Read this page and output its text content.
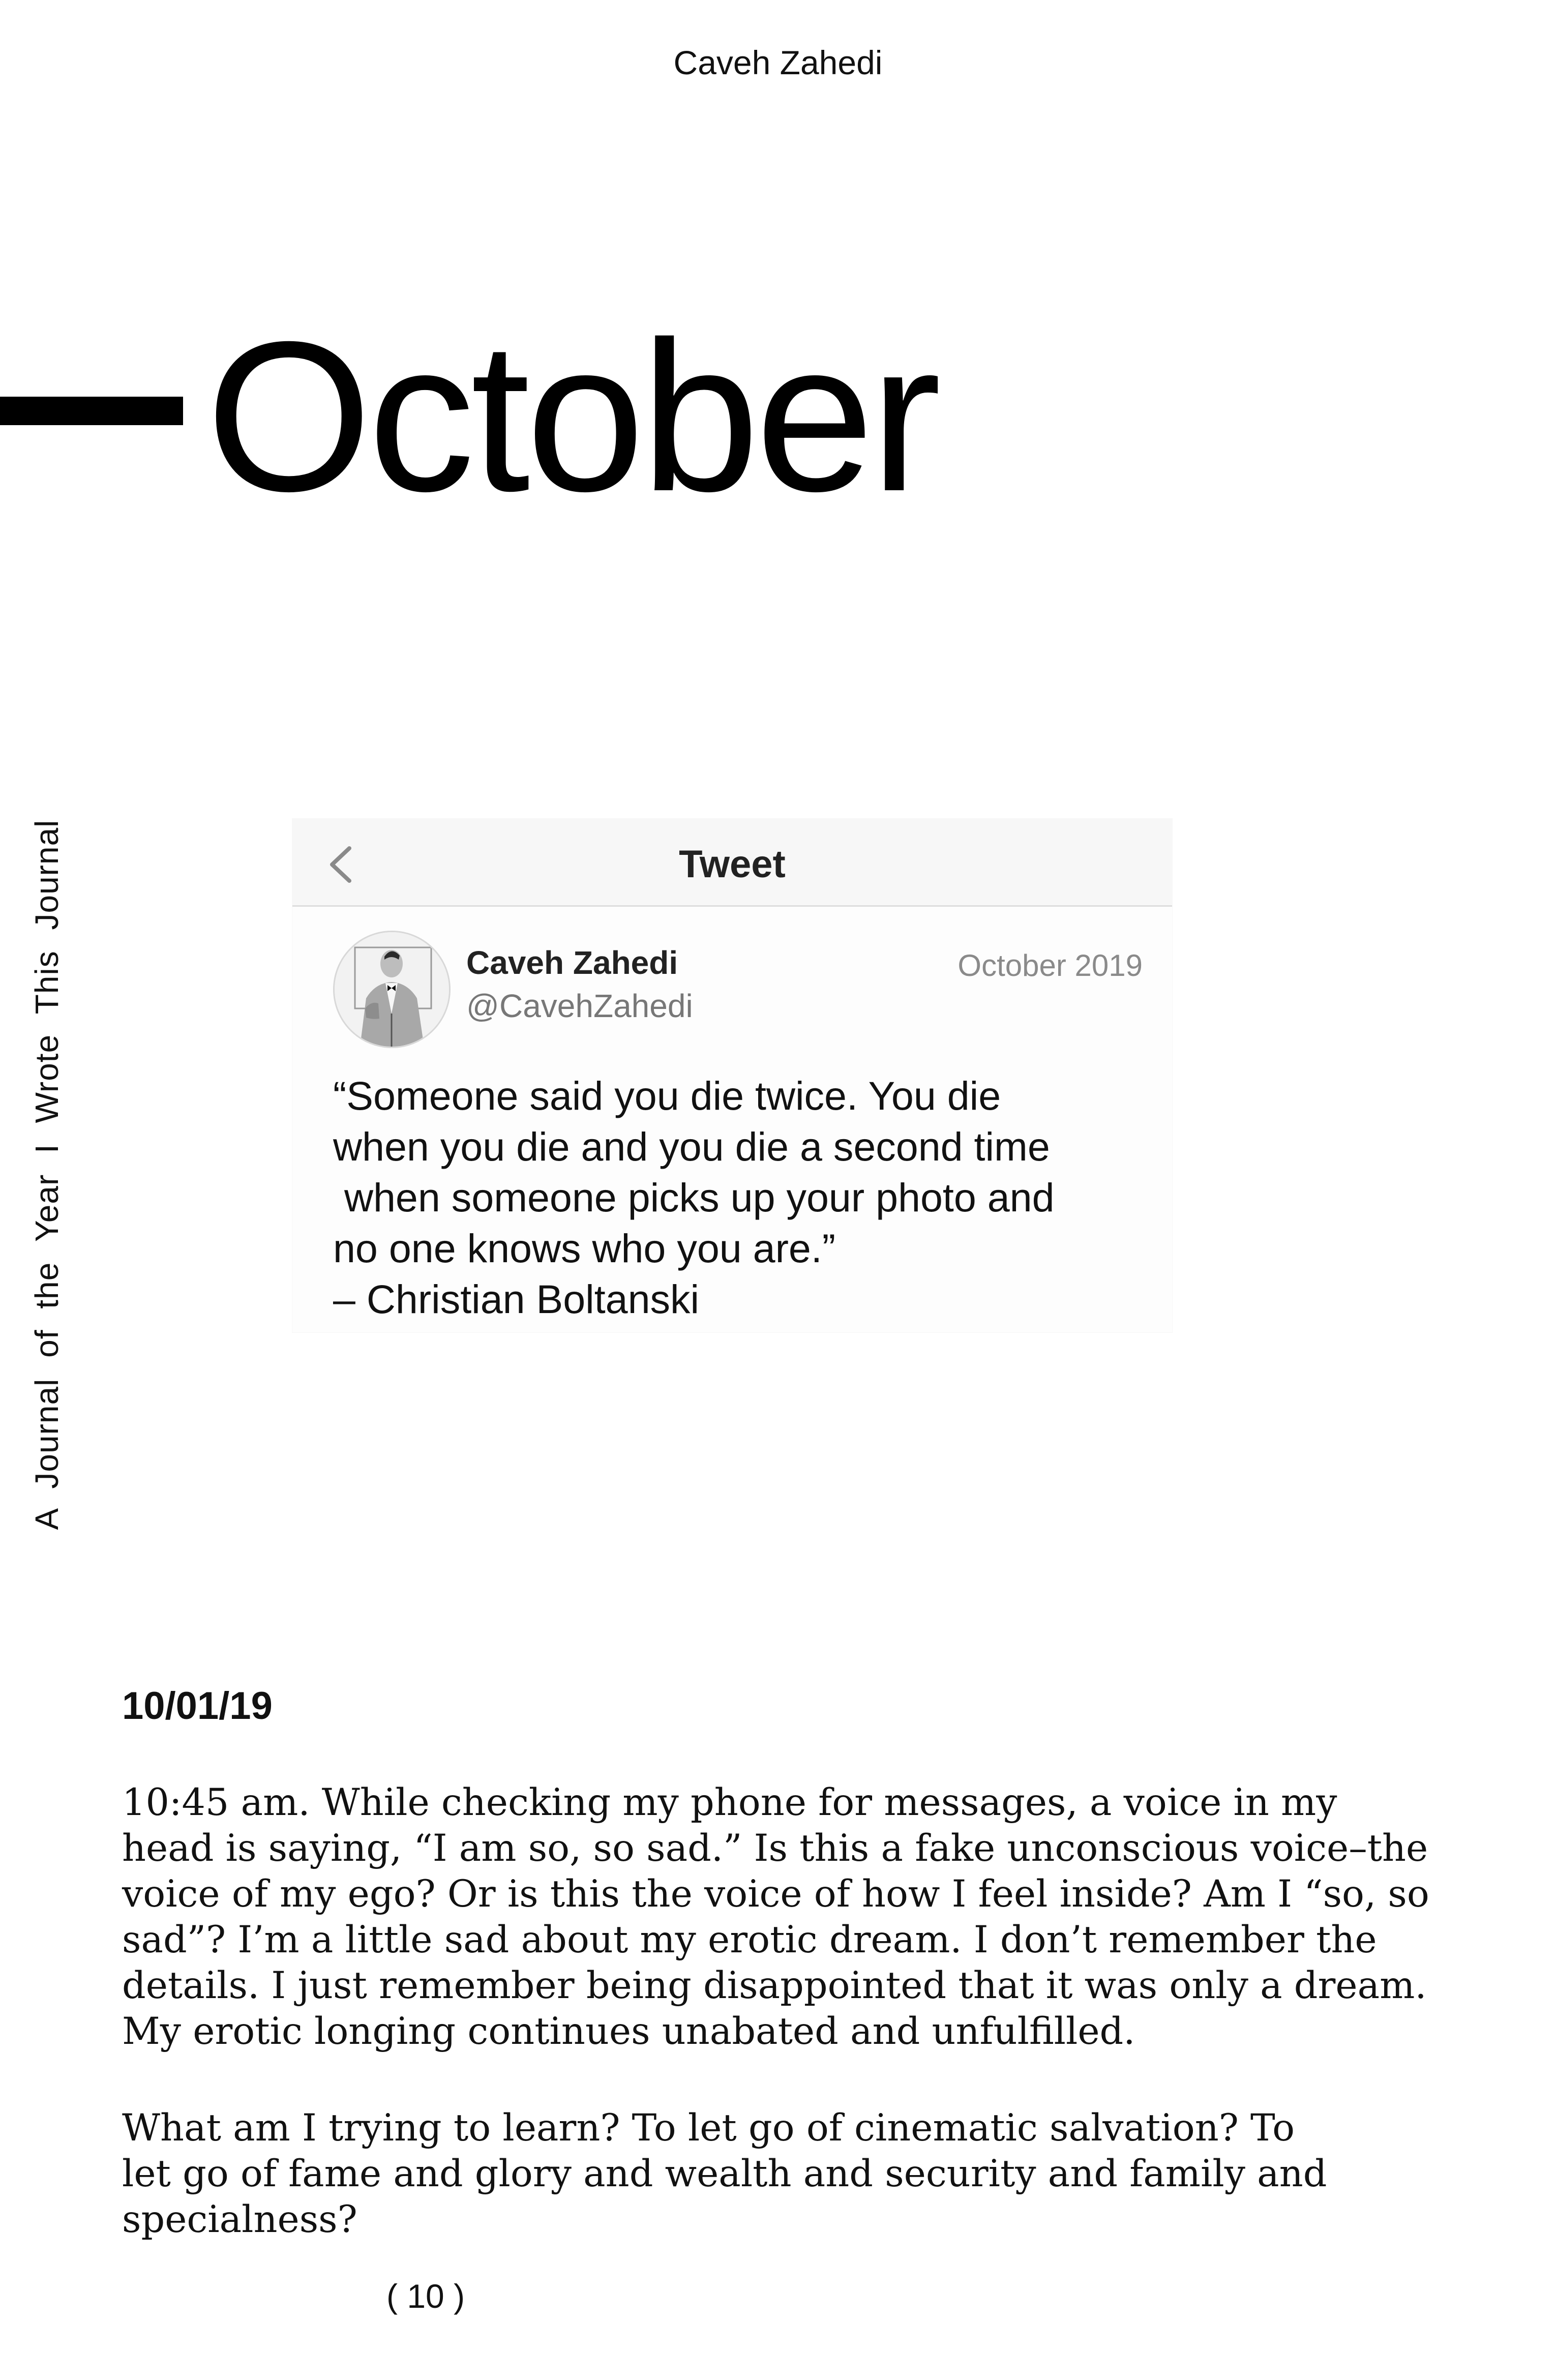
Caveh Zahedi
October
A Journal of the Year I Wrote This Journal	Tweet
Caveh Zahedi
@CavehZahedi
October 2019
“Someone said you die twice. You die
when you die and you die a second time
when someone picks up your photo and
no one knows who you are.”
– Christian Boltanski
10/01/19
10:45 am. While checking my phone for messages, a voice in my
head is saying, “I am so, so sad.” Is this a fake unconscious voice–the
voice of my ego? Or is this the voice of how I feel inside? Am I “so, so
sad”? I’m a little sad about my erotic dream. I don’t remember the
details. I just remember being disappointed that it was only a dream.
My erotic longing continues unabated and unfulfilled.
What am I trying to learn? To let go of cinematic salvation? To
let go of fame and glory and wealth and security and family and
specialness?
( 10 )
